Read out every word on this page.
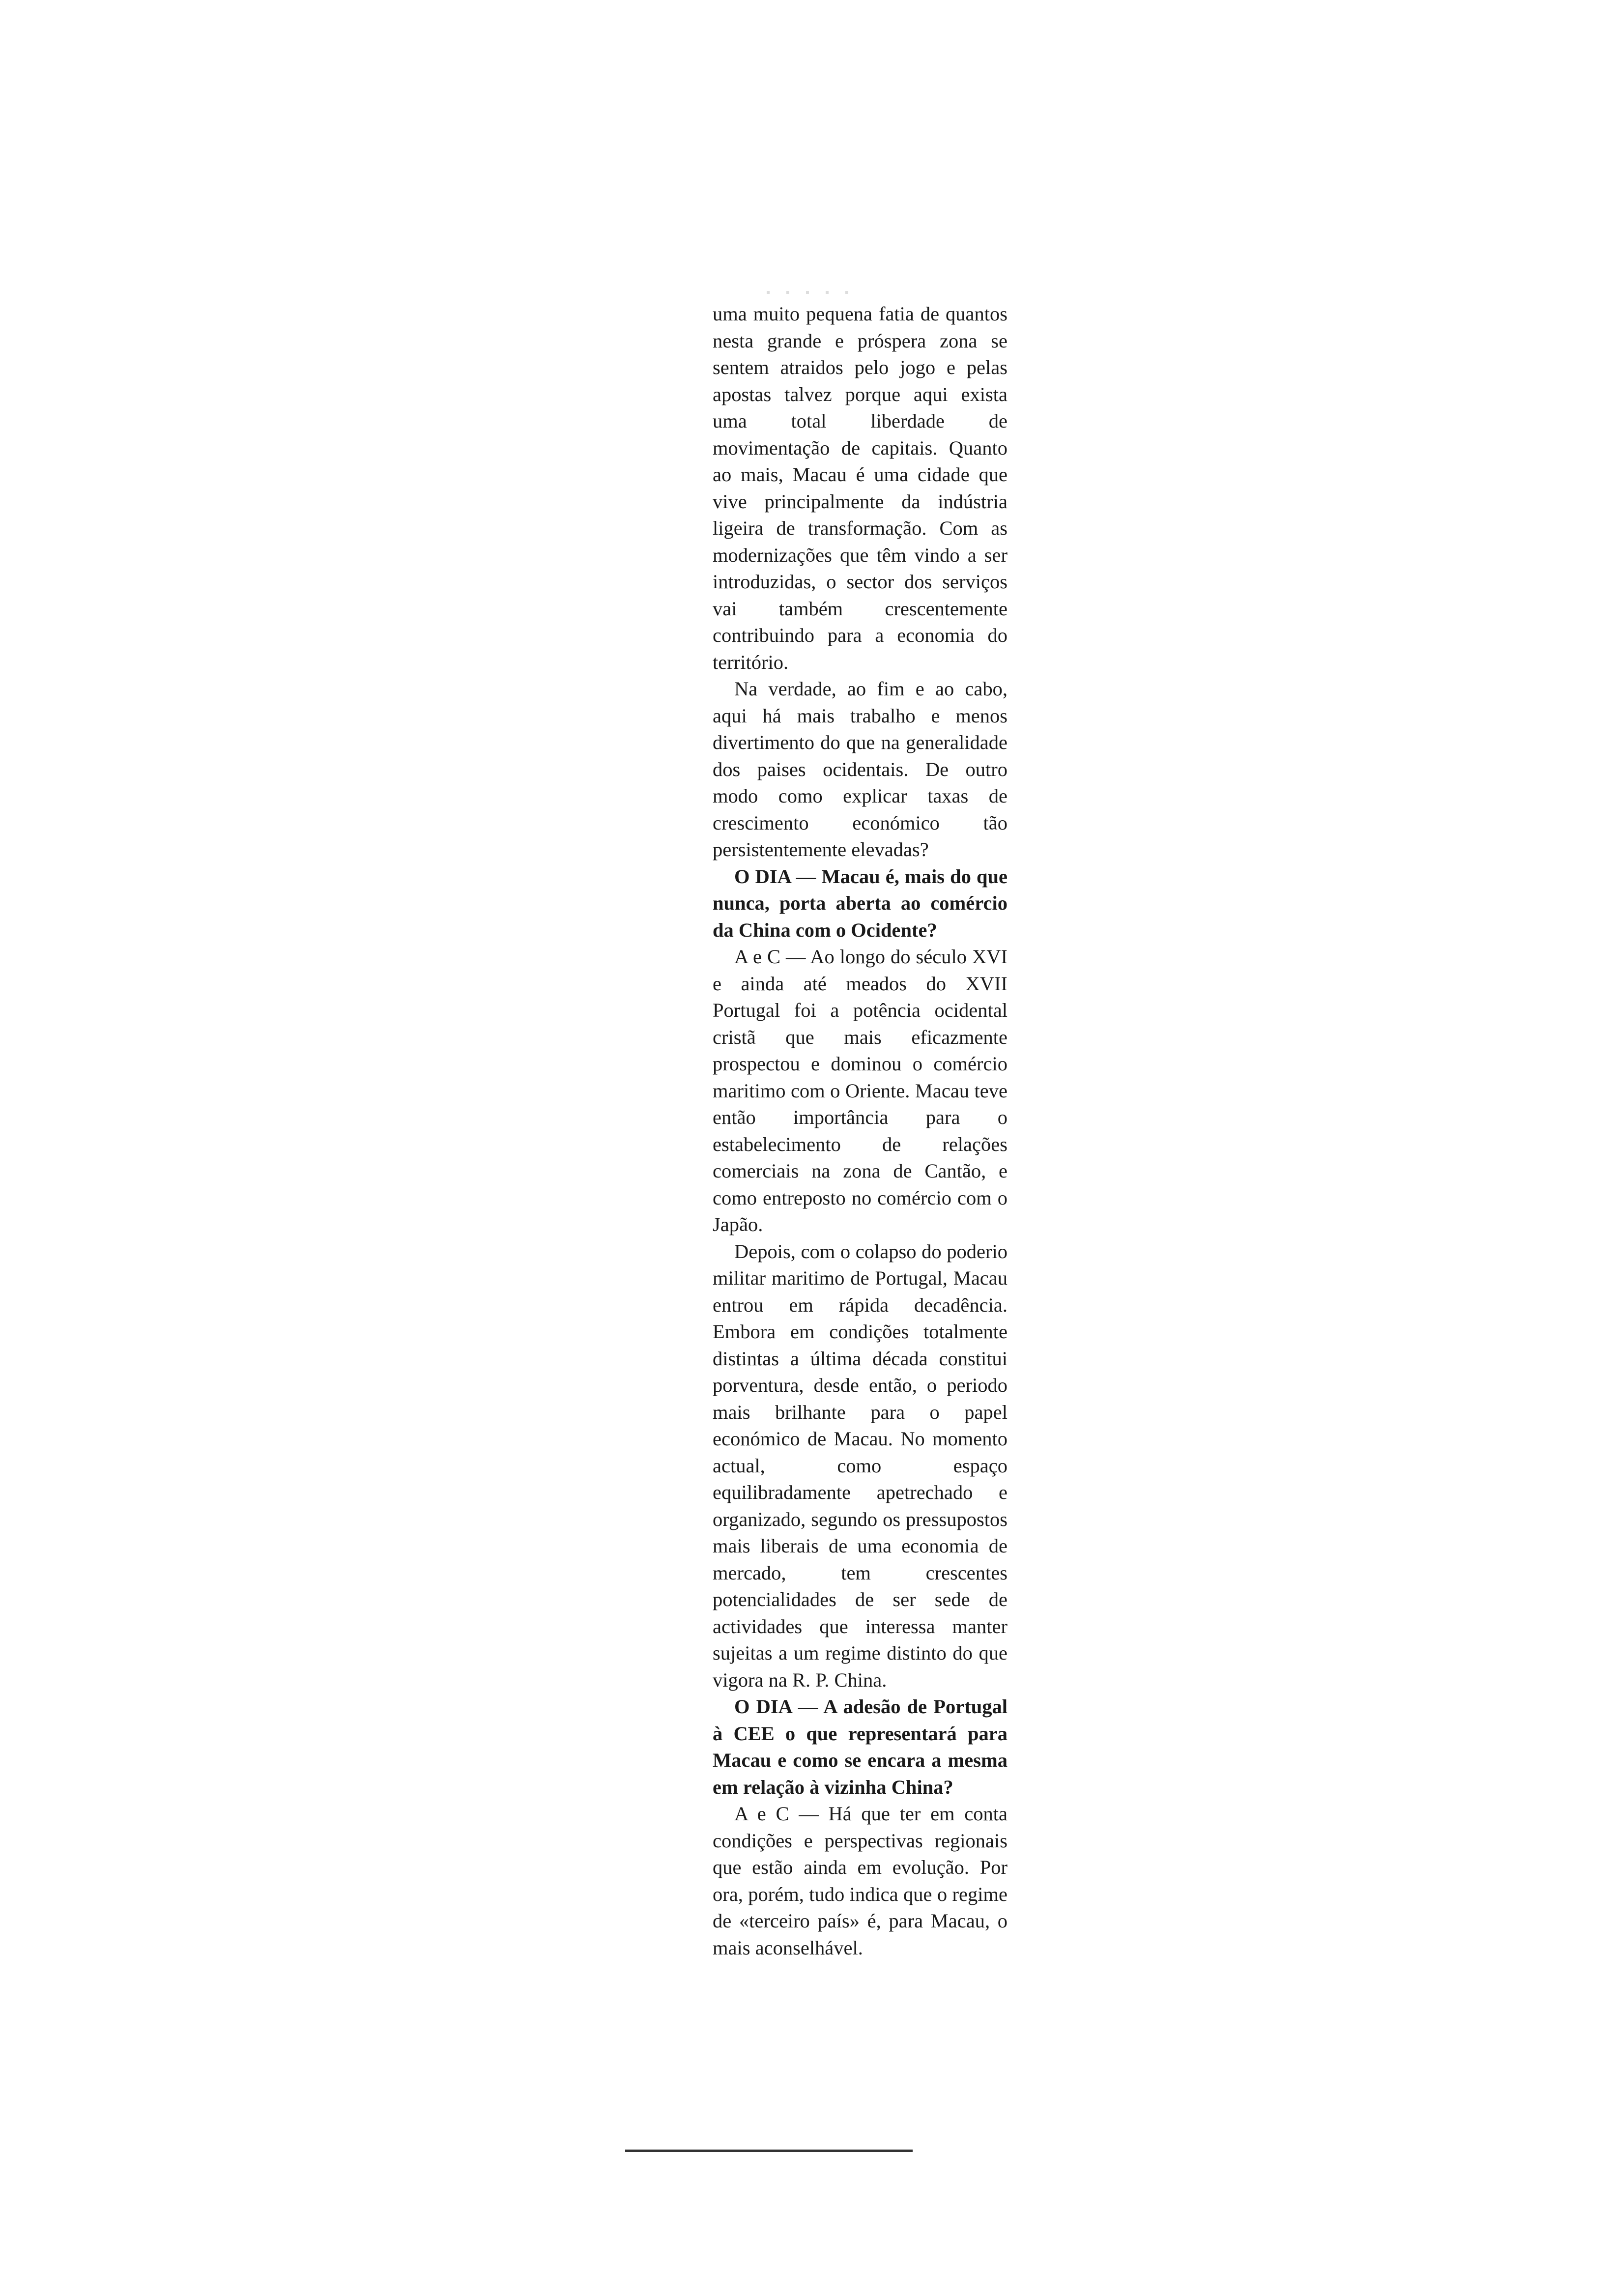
uma muito pequena fatia de quantos nesta grande e próspera zona se sentem atraidos pelo jogo e pelas apostas talvez porque aqui exista uma total liberdade de movimentação de capitais. Quanto ao mais, Macau é uma cidade que vive principalmente da indústria ligeira de transformação. Com as modernizações que têm vindo a ser introduzidas, o sector dos serviços vai também crescentemente contribuindo para a economia do território.

Na verdade, ao fim e ao cabo, aqui há mais trabalho e menos divertimento do que na generalidade dos paises ocidentais. De outro modo como explicar taxas de crescimento económico tão persistentemente elevadas?

O DIA — Macau é, mais do que nunca, porta aberta ao comércio da China com o Ocidente?

A e C — Ao longo do século XVI e ainda até meados do XVII Portugal foi a potência ocidental cristã que mais eficazmente prospectou e dominou o comércio maritimo com o Oriente. Macau teve então importância para o estabelecimento de relações comerciais na zona de Cantão, e como entreposto no comércio com o Japão.

Depois, com o colapso do poderio militar maritimo de Portugal, Macau entrou em rápida decadência. Embora em condições totalmente distintas a última década constitui porventura, desde então, o periodo mais brilhante para o papel económico de Macau. No momento actual, como espaço equilibradamente apetrechado e organizado, segundo os pressupostos mais liberais de uma economia de mercado, tem crescentes potencialidades de ser sede de actividades que interessa manter sujeitas a um regime distinto do que vigora na R. P. China.

O DIA — A adesão de Portugal à CEE o que representará para Macau e como se encara a mesma em relação à vizinha China?

A e C — Há que ter em conta condições e perspectivas regionais que estão ainda em evolução. Por ora, porém, tudo indica que o regime de «terceiro país» é, para Macau, o mais aconselhável.
